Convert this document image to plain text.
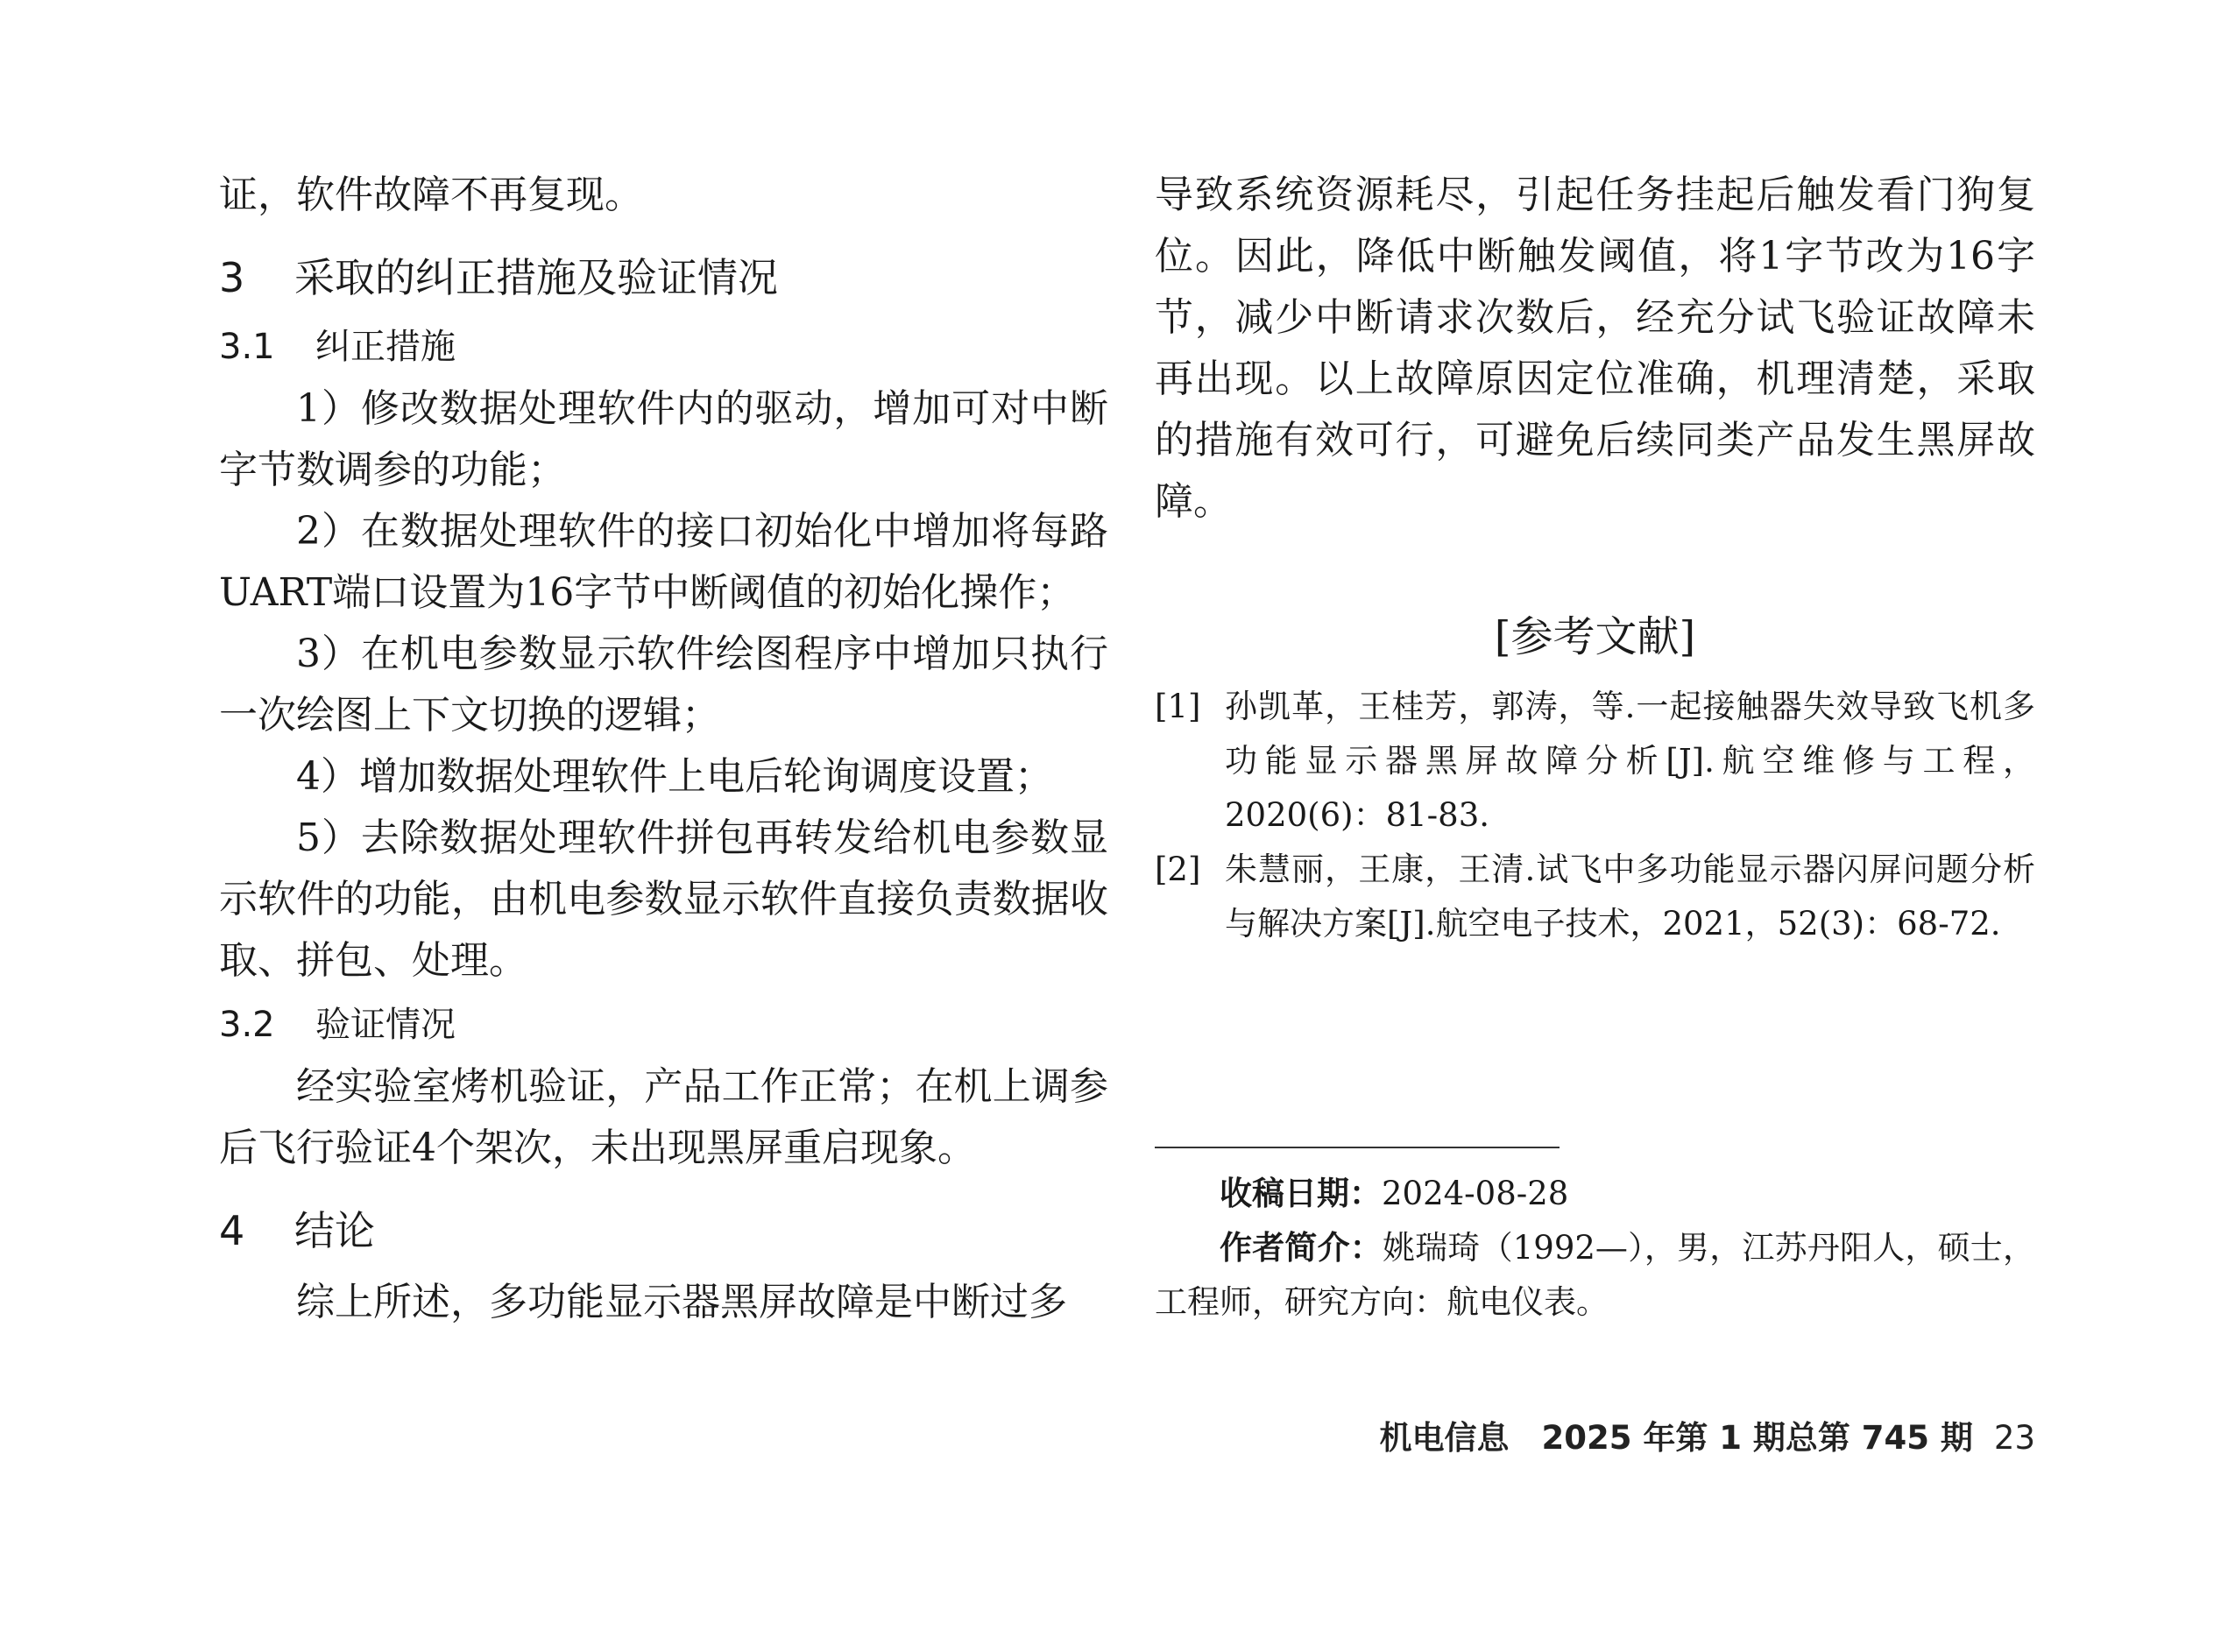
证，软件故障不再复现。

3 采取的纠正措施及验证情况
3.1 纠正措施

1）修改数据处理软件内的驱动，增加可对中断字节数调参的功能；

2）在数据处理软件的接口初始化中增加将每路UART端口设置为16字节中断阈值的初始化操作；

3）在机电参数显示软件绘图程序中增加只执行一次绘图上下文切换的逻辑；

4）增加数据处理软件上电后轮询调度设置；

5）去除数据处理软件拼包再转发给机电参数显示软件的功能，由机电参数显示软件直接负责数据收取、拼包、处理。

3.2 验证情况

经实验室烤机验证，产品工作正常；在机上调参后飞行验证4个架次，未出现黑屏重启现象。

4 结论

综上所述，多功能显示器黑屏故障是中断过多

导致系统资源耗尽，引起任务挂起后触发看门狗复位。因此，降低中断触发阈值，将1字节改为16字节，减少中断请求次数后，经充分试飞验证故障未再出现。以上故障原因定位准确，机理清楚，采取的措施有效可行，可避免后续同类产品发生黑屏故障。

[参考文献]
[1] 孙凯革，王桂芳，郭涛，等.一起接触器失效导致飞机多功能显示器黑屏故障分析[J].航空维修与工程，2020(6)：81-83.
[2] 朱慧丽，王康，王清.试飞中多功能显示器闪屏问题分析与解决方案[J].航空电子技术，2021，52(3)：68-72.

收稿日期：2024-08-28

作者简介：姚瑞琦（1992—），男，江苏丹阳人，硕士，工程师，研究方向：航电仪表。

机电信息　2025 年第 1 期总第 745 期 23
